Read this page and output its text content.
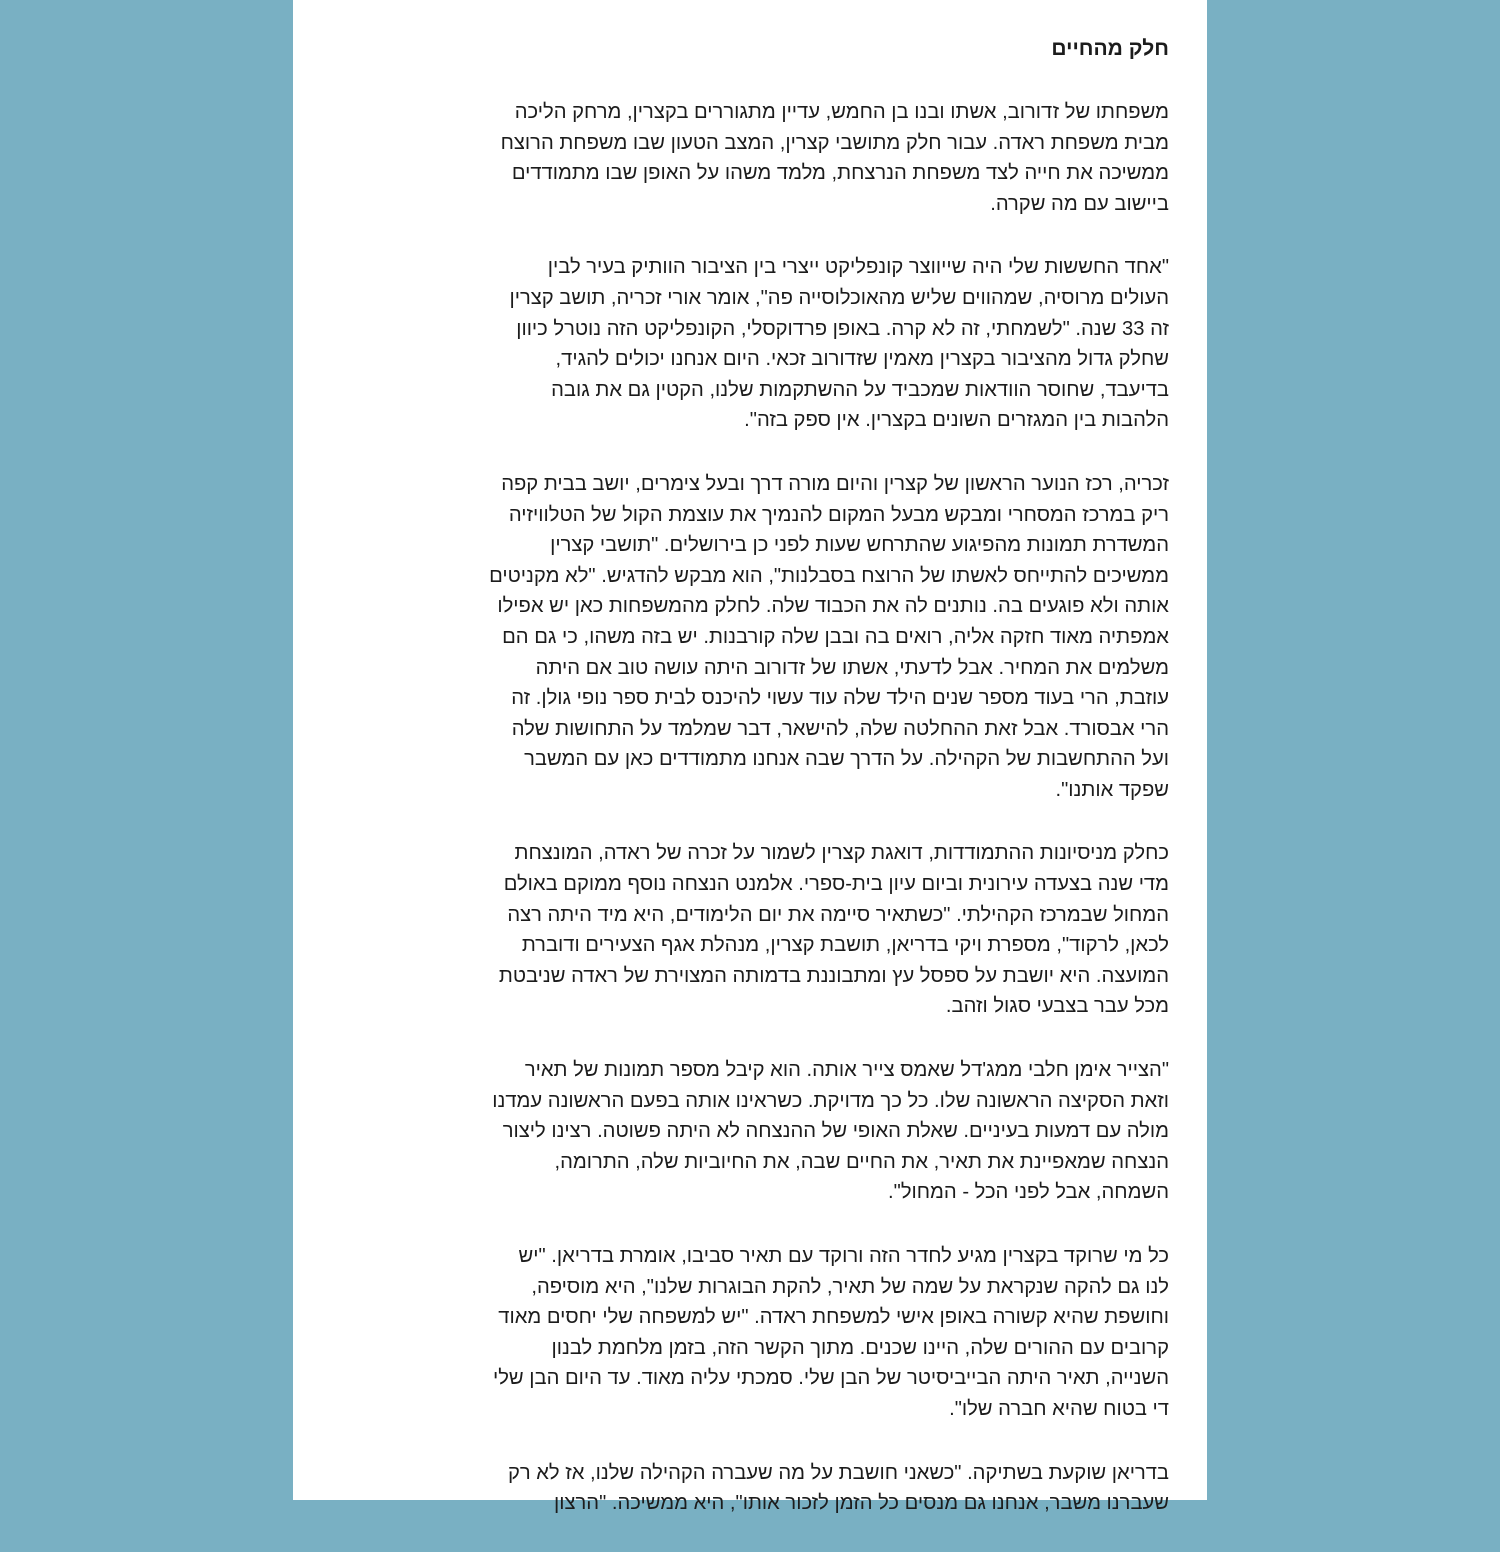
חלק מהחיים
משפחתו של זדורוב, אשתו ובנו בן החמש, עדיין מתגוררים בקצרין, מרחק הליכה
מבית משפחת ראדה. עבור חלק מתושבי קצרין, המצב הטעון שבו משפחת הרוצח
ממשיכה את חייה לצד משפחת הנרצחת, מלמד משהו על האופן שבו מתמודדים
ביישוב עם מה שקרה.
"אחד החששות שלי היה שייווצר קונפליקט ייצרי בין הציבור הוותיק בעיר לבין
העולים מרוסיה, שמהווים שליש מהאוכלוסייה פה", אומר אורי זכריה, תושב קצרין
זה 33 שנה. "לשמחתי, זה לא קרה. באופן פרדוקסלי, הקונפליקט הזה נוטרל כיוון
שחלק גדול מהציבור בקצרין מאמין שזדורוב זכאי. היום אנחנו יכולים להגיד,
בדיעבד, שחוסר הוודאות שמכביד על ההשתקמות שלנו, הקטין גם את גובה
הלהבות בין המגזרים השונים בקצרין. אין ספק בזה".
זכריה, רכז הנוער הראשון של קצרין והיום מורה דרך ובעל צימרים, יושב בבית קפה
ריק במרכז המסחרי ומבקש מבעל המקום להנמיך את עוצמת הקול של הטלוויזיה
המשדרת תמונות מהפיגוע שהתרחש שעות לפני כן בירושלים. "תושבי קצרין
ממשיכים להתייחס לאשתו של הרוצח בסבלנות", הוא מבקש להדגיש. "לא מקניטים
אותה ולא פוגעים בה. נותנים לה את הכבוד שלה. לחלק מהמשפחות כאן יש אפילו
אמפתיה מאוד חזקה אליה, רואים בה ובבן שלה קורבנות. יש בזה משהו, כי גם הם
משלמים את המחיר. אבל לדעתי, אשתו של זדורוב היתה עושה טוב אם היתה
עוזבת, הרי בעוד מספר שנים הילד שלה עוד עשוי להיכנס לבית ספר נופי גולן. זה
הרי אבסורד. אבל זאת ההחלטה שלה, להישאר, דבר שמלמד על התחושות שלה
ועל ההתחשבות של הקהילה. על הדרך שבה אנחנו מתמודדים כאן עם המשבר
שפקד אותנו".
כחלק מניסיונות ההתמודדות, דואגת קצרין לשמור על זכרה של ראדה, המונצחת
מדי שנה בצעדה עירונית וביום עיון בית-ספרי. אלמנט הנצחה נוסף ממוקם באולם
המחול שבמרכז הקהילתי. "כשתאיר סיימה את יום הלימודים, היא מיד היתה רצה
לכאן, לרקוד", מספרת ויקי בדריאן, תושבת קצרין, מנהלת אגף הצעירים ודוברת
המועצה. היא יושבת על ספסל עץ ומתבוננת בדמותה המצוירת של ראדה שניבטת
מכל עבר בצבעי סגול וזהב.
"הצייר אימן חלבי ממג'דל שאמס צייר אותה. הוא קיבל מספר תמונות של תאיר
וזאת הסקיצה הראשונה שלו. כל כך מדויקת. כשראינו אותה בפעם הראשונה עמדנו
מולה עם דמעות בעיניים. שאלת האופי של ההנצחה לא היתה פשוטה. רצינו ליצור
הנצחה שמאפיינת את תאיר, את החיים שבה, את החיוביות שלה, התרומה,
השמחה, אבל לפני הכל - המחול".
כל מי שרוקד בקצרין מגיע לחדר הזה ורוקד עם תאיר סביבו, אומרת בדריאן. "יש
לנו גם להקה שנקראת על שמה של תאיר, להקת הבוגרות שלנו", היא מוסיפה,
וחושפת שהיא קשורה באופן אישי למשפחת ראדה. "יש למשפחה שלי יחסים מאוד
קרובים עם ההורים שלה, היינו שכנים. מתוך הקשר הזה, בזמן מלחמת לבנון
השנייה, תאיר היתה הבייביסיטר של הבן שלי. סמכתי עליה מאוד. עד היום הבן שלי
די בטוח שהיא חברה שלו".
בדריאן שוקעת בשתיקה. "כשאני חושבת על מה שעברה הקהילה שלנו, אז לא רק
שעברנו משבר, אנחנו גם מנסים כל הזמן לזכור אותו", היא ממשיכה. "הרצון
